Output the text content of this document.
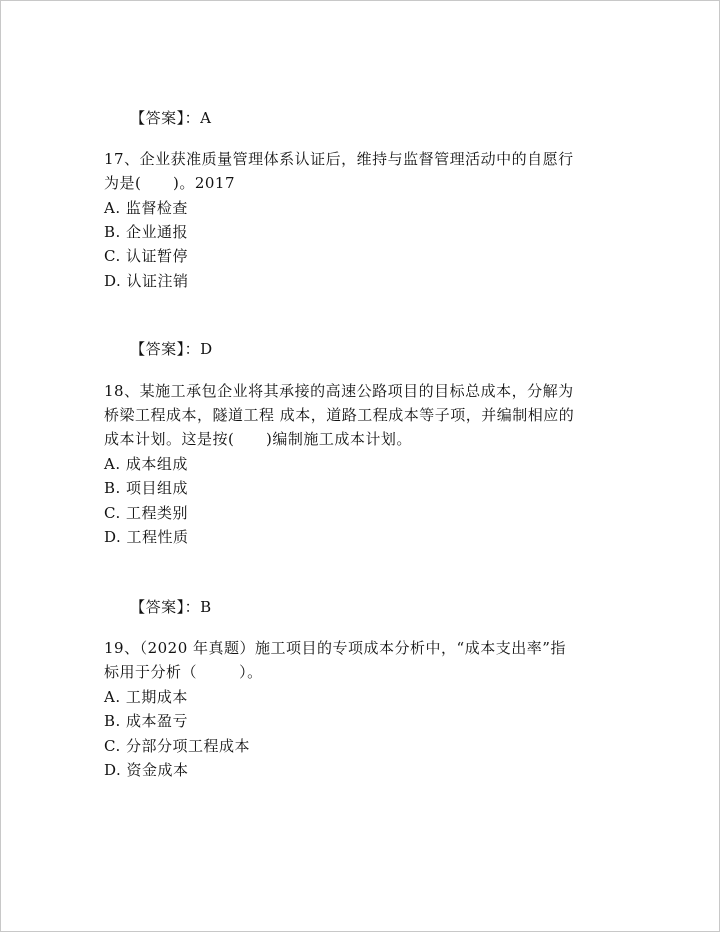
【答案】：A

17、企业获准质量管理体系认证后，维持与监督管理活动中的自愿行
为是(      )。2017
A. 监督检查
B. 企业通报
C. 认证暂停
D. 认证注销

【答案】：D

18、某施工承包企业将其承接的高速公路项目的目标总成本，分解为
桥梁工程成本，隧道工程 成本，道路工程成本等子项，并编制相应的
成本计划。这是按(      )编制施工成本计划。
A. 成本组成
B. 项目组成
C. 工程类别
D. 工程性质

【答案】：B

19、（2020 年真题）施工项目的专项成本分析中，“成本支出率”指
标用于分析（        ）。
A. 工期成本
B. 成本盈亏
C. 分部分项工程成本
D. 资金成本
